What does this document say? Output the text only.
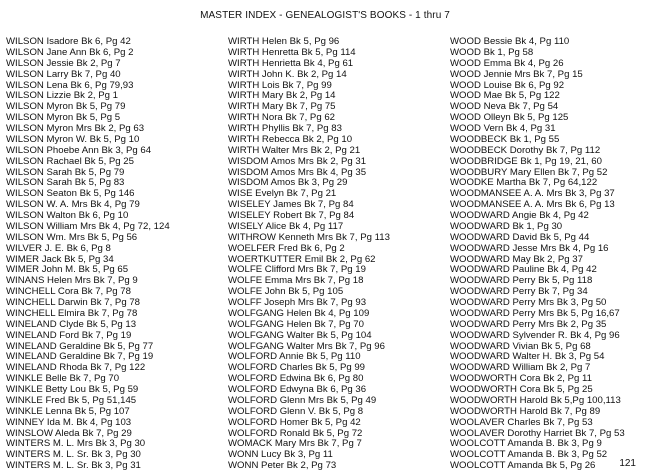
MASTER INDEX - GENEALOGIST'S BOOKS - 1 thru 7
WILSON Isadore Bk 6, Pg 42
WILSON Jane Ann Bk 6, Pg 2
WILSON Jessie Bk 2, Pg 7
WILSON Larry Bk 7, Pg 40
WILSON Lena Bk 6, Pg 79,93
WILSON Lizzie Bk 2, Pg 1
WILSON Myron Bk 5, Pg 79
WILSON Myron Bk 5, Pg 5
WILSON Myron Mrs Bk 2, Pg 63
WILSON Myron W. Bk 5, Pg 10
WILSON Phoebe Ann Bk 3, Pg 64
WILSON Rachael Bk 5, Pg 25
WILSON Sarah Bk 5, Pg 79
WILSON Sarah Bk 5, Pg 83
WILSON Seaton Bk 5, Pg 146
WILSON W. A. Mrs Bk 4, Pg 79
WILSON Walton Bk 6, Pg 10
WILSON William Mrs Bk 4, Pg 72, 124
WILSON Wm. Mrs Bk 5, Pg 56
WILVER J. E. Bk 6, Pg 8
WIMER Jack Bk 5, Pg 34
WIMER John M. Bk 5, Pg 65
WINANS Helen Mrs Bk 7, Pg 9
WINCHELL Cora Bk 7, Pg 78
WINCHELL Darwin Bk 7, Pg 78
WINCHELL Elmira Bk 7, Pg 78
WINELAND Clyde Bk 5, Pg 13
WINELAND Ford Bk 7, Pg 19
WINELAND Geraldine Bk 5, Pg 77
WINELAND Geraldine Bk 7, Pg 19
WINELAND Rhoda Bk 7, Pg 122
WINKLE Belle Bk 7, Pg 70
WINKLE Betty Lou Bk 5, Pg 59
WINKLE Fred Bk 5, Pg 51,145
WINKLE Lenna Bk 5, Pg 107
WINNEY Ida M. Bk 4, Pg 103
WINSLOW Aleda Bk 7, Pg 29
WINTERS M. L. Mrs Bk 3, Pg 30
WINTERS M. L. Sr. Bk 3, Pg 30
WINTERS M. L. Sr. Bk 3, Pg 31
WIRTH Helen Bk 5, Pg 96
WIRTH Henretta Bk 5, Pg 114
WIRTH Henrietta Bk 4, Pg 61
WIRTH John K. Bk 2, Pg 14
WIRTH Lois Bk 7, Pg 99
WIRTH Mary Bk 2, Pg 14
WIRTH Mary Bk 7, Pg 75
WIRTH Nora Bk 7, Pg 62
WIRTH Phyllis Bk 7, Pg 83
WIRTH Rebecca Bk 2, Pg 10
WIRTH Walter Mrs Bk 2, Pg 21
WISDOM Amos Mrs Bk 2, Pg 31
WISDOM Amos Mrs Bk 4, Pg 35
WISDOM Amos Bk 3, Pg 29
WISE Evelyn Bk 7, Pg 21
WISELEY James Bk 7, Pg 84
WISELEY Robert Bk 7, Pg 84
WISELY Alice Bk 4, Pg 117
WITHROW Kenneth Mrs Bk 7, Pg 113
WOELFER Fred Bk 6, Pg 2
WOERTKUTTER Emil Bk 2, Pg 62
WOLFE Clifford Mrs Bk 7, Pg 19
WOLFE Emma Mrs Bk 7, Pg 18
WOLFE John Bk 5, Pg 105
WOLFF Joseph Mrs Bk 7, Pg 93
WOLFGANG Helen Bk 4, Pg 109
WOLFGANG Helen Bk 7, Pg 70
WOLFGANG Walter Bk 5, Pg 104
WOLFGANG Walter Mrs Bk 7, Pg 96
WOLFORD Annie Bk 5, Pg 110
WOLFORD Charles Bk 5, Pg 99
WOLFORD Edwina Bk 6, Pg 80
WOLFORD Edwyna Bk 6, Pg 36
WOLFORD Glenn Mrs Bk 5, Pg 49
WOLFORD Glenn V. Bk 5, Pg 8
WOLFORD Homer Bk 5, Pg 42
WOLFORD Ronald Bk 5, Pg 72
WOMACK Mary Mrs Bk 7, Pg 7
WONN Lucy Bk 3, Pg 11
WONN Peter Bk 2, Pg 73
WOOD Bessie Bk 4, Pg 110
WOOD Bk 1, Pg 58
WOOD Emma Bk 4, Pg 26
WOOD Jennie Mrs Bk 7, Pg 15
WOOD Louise Bk 6, Pg 92
WOOD Mae Bk 5, Pg 122
WOOD Neva Bk 7, Pg 54
WOOD Olleyn Bk 5, Pg 125
WOOD Vern Bk 4, Pg 31
WOODBECK Bk 1, Pg 55
WOODBECK Dorothy Bk 7, Pg 112
WOODBRIDGE Bk 1, Pg 19, 21, 60
WOODBURY Mary Ellen Bk 7, Pg 52
WOODKE Martha Bk 7, Pg 64,122
WOODMANSEE A. A. Mrs Bk 3, Pg 37
WOODMANSEE A. A. Mrs Bk 6, Pg 13
WOODWARD Angie Bk 4, Pg 42
WOODWARD Bk 1, Pg 30
WOODWARD David Bk 5, Pg 44
WOODWARD Jesse Mrs Bk 4, Pg 16
WOODWARD May Bk 2, Pg 37
WOODWARD Pauline Bk 4, Pg 42
WOODWARD Perry Bk 5, Pg 118
WOODWARD Perry Bk 7, Pg 34
WOODWARD Perry Mrs Bk 3, Pg 50
WOODWARD Perry Mrs Bk 5, Pg 16,67
WOODWARD Perry Mrs Bk 2, Pg 35
WOODWARD Sylvender R. Bk 4, Pg 96
WOODWARD Vivian Bk 5, Pg 68
WOODWARD Walter H. Bk 3, Pg 54
WOODWARD William Bk 2, Pg 7
WOODWORTH Cora Bk 2, Pg 11
WOODWORTH Cora Bk 5, Pg 25
WOODWORTH Harold Bk 5,Pg 100,113
WOODWORTH Harold Bk 7, Pg 89
WOOLAVER Charles Bk 7, Pg 53
WOOLAVER Dorothy Harriet Bk 7, Pg 53
WOOLCOTT Amanda B. Bk 3, Pg 9
WOOLCOTT Amanda B. Bk 3, Pg 52
WOOLCOTT Amanda Bk 5, Pg 26	121
